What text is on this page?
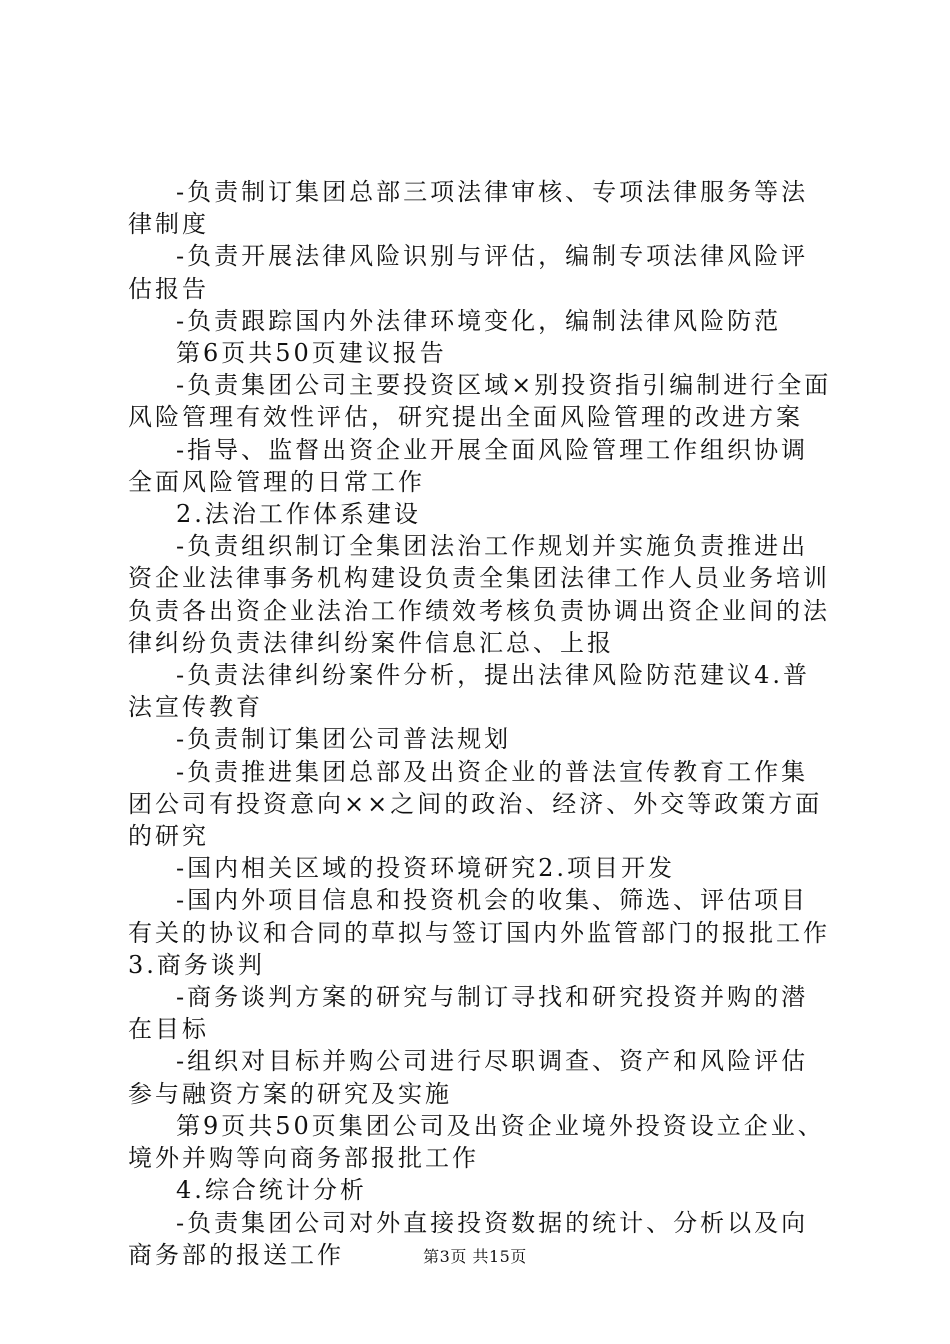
-负责制订集团总部三项法律审核、专项法律服务等法律制度

-负责开展法律风险识别与评估，编制专项法律风险评估报告

-负责跟踪国内外法律环境变化，编制法律风险防范

第6页共50页建议报告

-负责集团公司主要投资区域×别投资指引编制进行全面风险管理有效性评估，研究提出全面风险管理的改进方案

-指导、监督出资企业开展全面风险管理工作组织协调全面风险管理的日常工作

2.法治工作体系建设

-负责组织制订全集团法治工作规划并实施负责推进出资企业法律事务机构建设负责全集团法律工作人员业务培训负责各出资企业法治工作绩效考核负责协调出资企业间的法律纠纷负责法律纠纷案件信息汇总、上报

-负责法律纠纷案件分析，提出法律风险防范建议4.普法宣传教育

-负责制订集团公司普法规划

-负责推进集团总部及出资企业的普法宣传教育工作集团公司有投资意向××之间的政治、经济、外交等政策方面的研究

-国内相关区域的投资环境研究2.项目开发

-国内外项目信息和投资机会的收集、筛选、评估项目有关的协议和合同的草拟与签订国内外监管部门的报批工作3.商务谈判

-商务谈判方案的研究与制订寻找和研究投资并购的潜在目标

-组织对目标并购公司进行尽职调查、资产和风险评估参与融资方案的研究及实施

第9页共50页集团公司及出资企业境外投资设立企业、境外并购等向商务部报批工作

4.综合统计分析

-负责集团公司对外直接投资数据的统计、分析以及向商务部的报送工作	第3页 共15页
